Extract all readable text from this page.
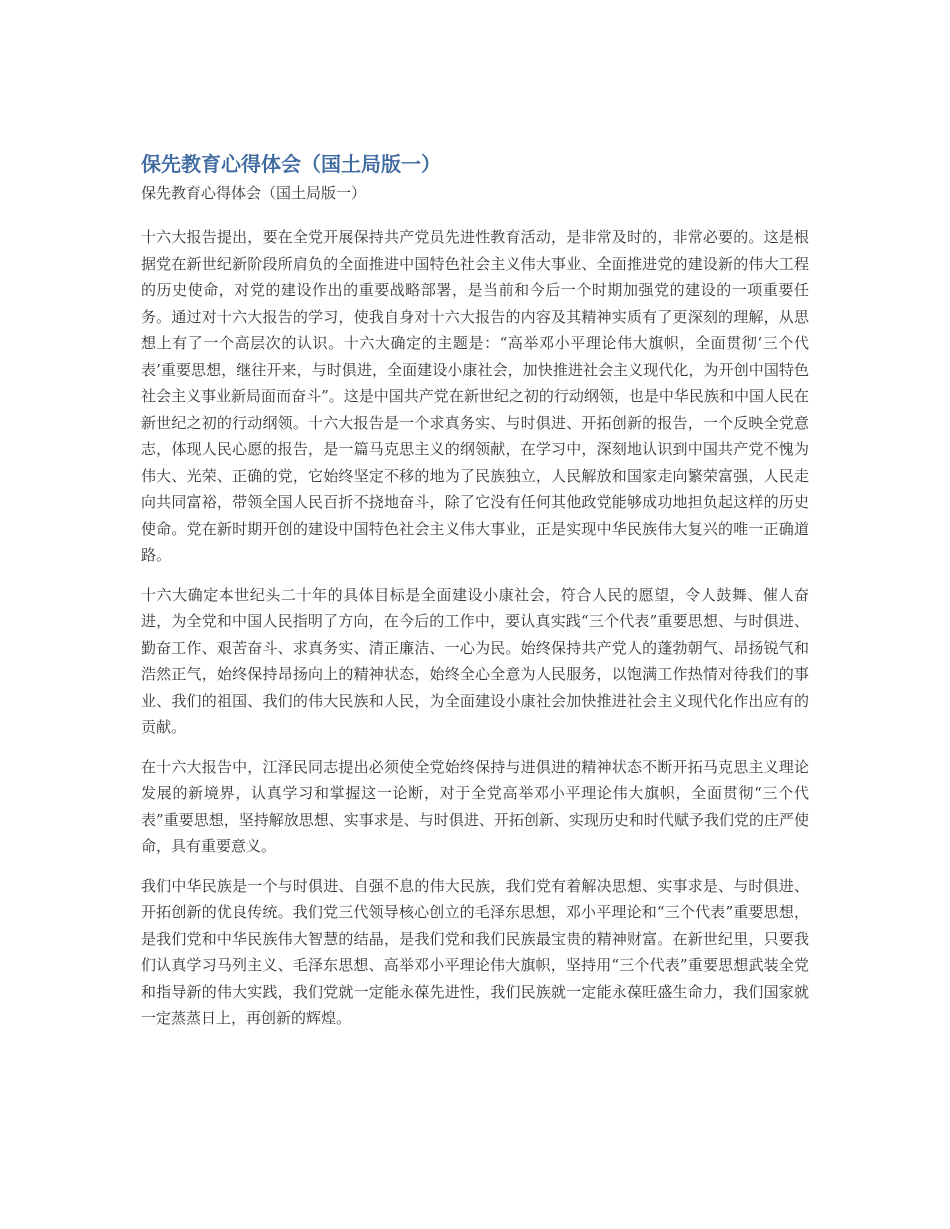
保先教育心得体会（国土局版一）

保先教育心得体会（国土局版一）

十六大报告提出，要在全党开展保持共产党员先进性教育活动，是非常及时的，非常必要的。这是根据党在新世纪新阶段所肩负的全面推进中国特色社会主义伟大事业、全面推进党的建设新的伟大工程的历史使命，对党的建设作出的重要战略部署，是当前和今后一个时期加强党的建设的一项重要任务。通过对十六大报告的学习，使我自身对十六大报告的内容及其精神实质有了更深刻的理解，从思想上有了一个高层次的认识。十六大确定的主题是：“高举邓小平理论伟大旗帜，全面贯彻‘三个代表’重要思想，继往开来，与时俱进，全面建设小康社会，加快推进社会主义现代化，为开创中国特色社会主义事业新局面而奋斗”。这是中国共产党在新世纪之初的行动纲领，也是中华民族和中国人民在新世纪之初的行动纲领。十六大报告是一个求真务实、与时俱进、开拓创新的报告，一个反映全党意志，体现人民心愿的报告，是一篇马克思主义的纲领献，在学习中，深刻地认识到中国共产党不愧为伟大、光荣、正确的党，它始终坚定不移的地为了民族独立，人民解放和国家走向繁荣富强，人民走向共同富裕，带领全国人民百折不挠地奋斗，除了它没有任何其他政党能够成功地担负起这样的历史使命。党在新时期开创的建设中国特色社会主义伟大事业，正是实现中华民族伟大复兴的唯一正确道路。

十六大确定本世纪头二十年的具体目标是全面建设小康社会，符合人民的愿望，令人鼓舞、催人奋进，为全党和中国人民指明了方向，在今后的工作中，要认真实践“三个代表”重要思想、与时俱进、勤奋工作、艰苦奋斗、求真务实、清正廉洁、一心为民。始终保持共产党人的蓬勃朝气、昂扬锐气和浩然正气，始终保持昂扬向上的精神状态，始终全心全意为人民服务，以饱满工作热情对待我们的事业、我们的祖国、我们的伟大民族和人民，为全面建设小康社会加快推进社会主义现代化作出应有的贡献。

在十六大报告中，江泽民同志提出必须使全党始终保持与进俱进的精神状态不断开拓马克思主义理论发展的新境界，认真学习和掌握这一论断，对于全党高举邓小平理论伟大旗帜，全面贯彻“三个代表”重要思想，坚持解放思想、实事求是、与时俱进、开拓创新、实现历史和时代赋予我们党的庄严使命，具有重要意义。

我们中华民族是一个与时俱进、自强不息的伟大民族，我们党有着解决思想、实事求是、与时俱进、开拓创新的优良传统。我们党三代领导核心创立的毛泽东思想，邓小平理论和“三个代表”重要思想，是我们党和中华民族伟大智慧的结晶，是我们党和我们民族最宝贵的精神财富。在新世纪里，只要我们认真学习马列主义、毛泽东思想、高举邓小平理论伟大旗帜，坚持用“三个代表”重要思想武装全党和指导新的伟大实践，我们党就一定能永葆先进性，我们民族就一定能永葆旺盛生命力，我们国家就一定蒸蒸日上，再创新的辉煌。
